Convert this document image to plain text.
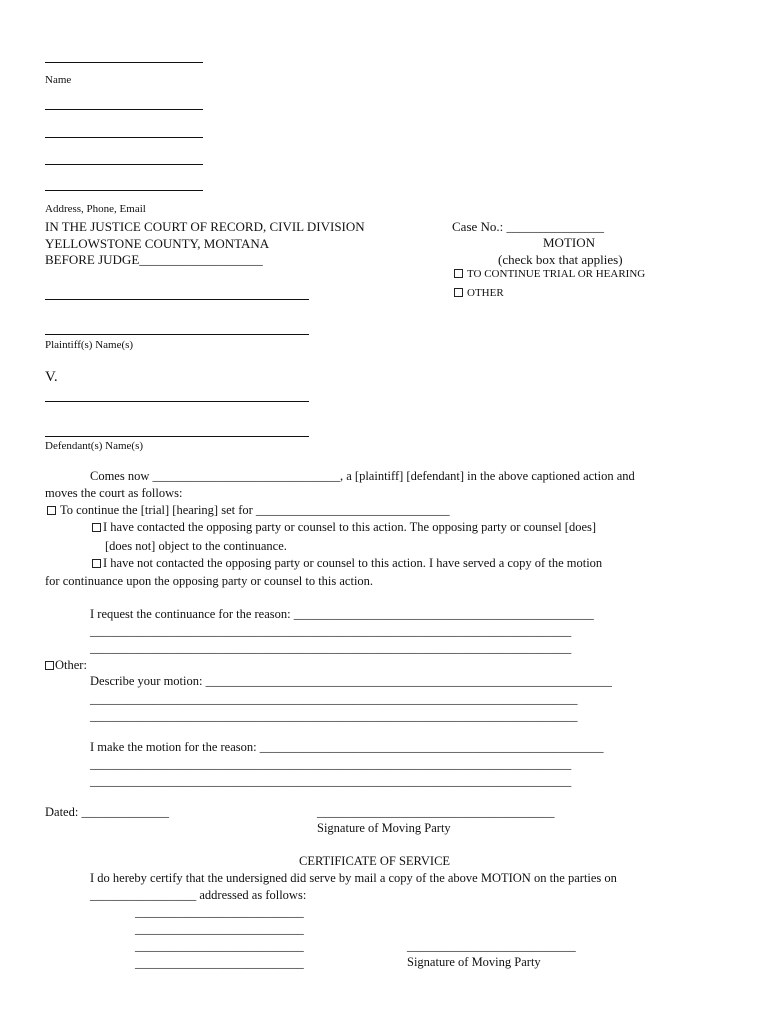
Name
Address, Phone, Email
IN THE JUSTICE COURT OF RECORD, CIVIL DIVISION
YELLOWSTONE COUNTY, MONTANA
BEFORE JUDGE___________________
Case No.: _______________
MOTION
(check box that applies)
TO CONTINUE TRIAL OR HEARING
OTHER
Plaintiff(s) Name(s)
V.
Defendant(s) Name(s)
Comes now ______________________________, a [plaintiff] [defendant] in the above captioned action and
moves the court as follows:
To continue the [trial] [hearing] set for _______________________________
I have contacted the opposing party or counsel to this action. The opposing party or counsel [does]
[does not] object to the continuance.
I have not contacted the opposing party or counsel to this action. I have served a copy of the motion
for continuance upon the opposing party or counsel to this action.
I request the continuance for the reason: ________________________________________________
_____________________________________________________________________________
_____________________________________________________________________________
Other:
Describe your motion: _________________________________________________________________
______________________________________________________________________________
______________________________________________________________________________
I make the motion for the reason: _______________________________________________________
_____________________________________________________________________________
_____________________________________________________________________________
Dated: ______________	______________________________________
Signature of Moving Party
CERTIFICATE OF SERVICE
I do hereby certify that the undersigned did serve by mail a copy of the above MOTION on the parties on
_________________ addressed as follows:
___________________________
___________________________
___________________________
___________________________
___________________________
Signature of Moving Party
